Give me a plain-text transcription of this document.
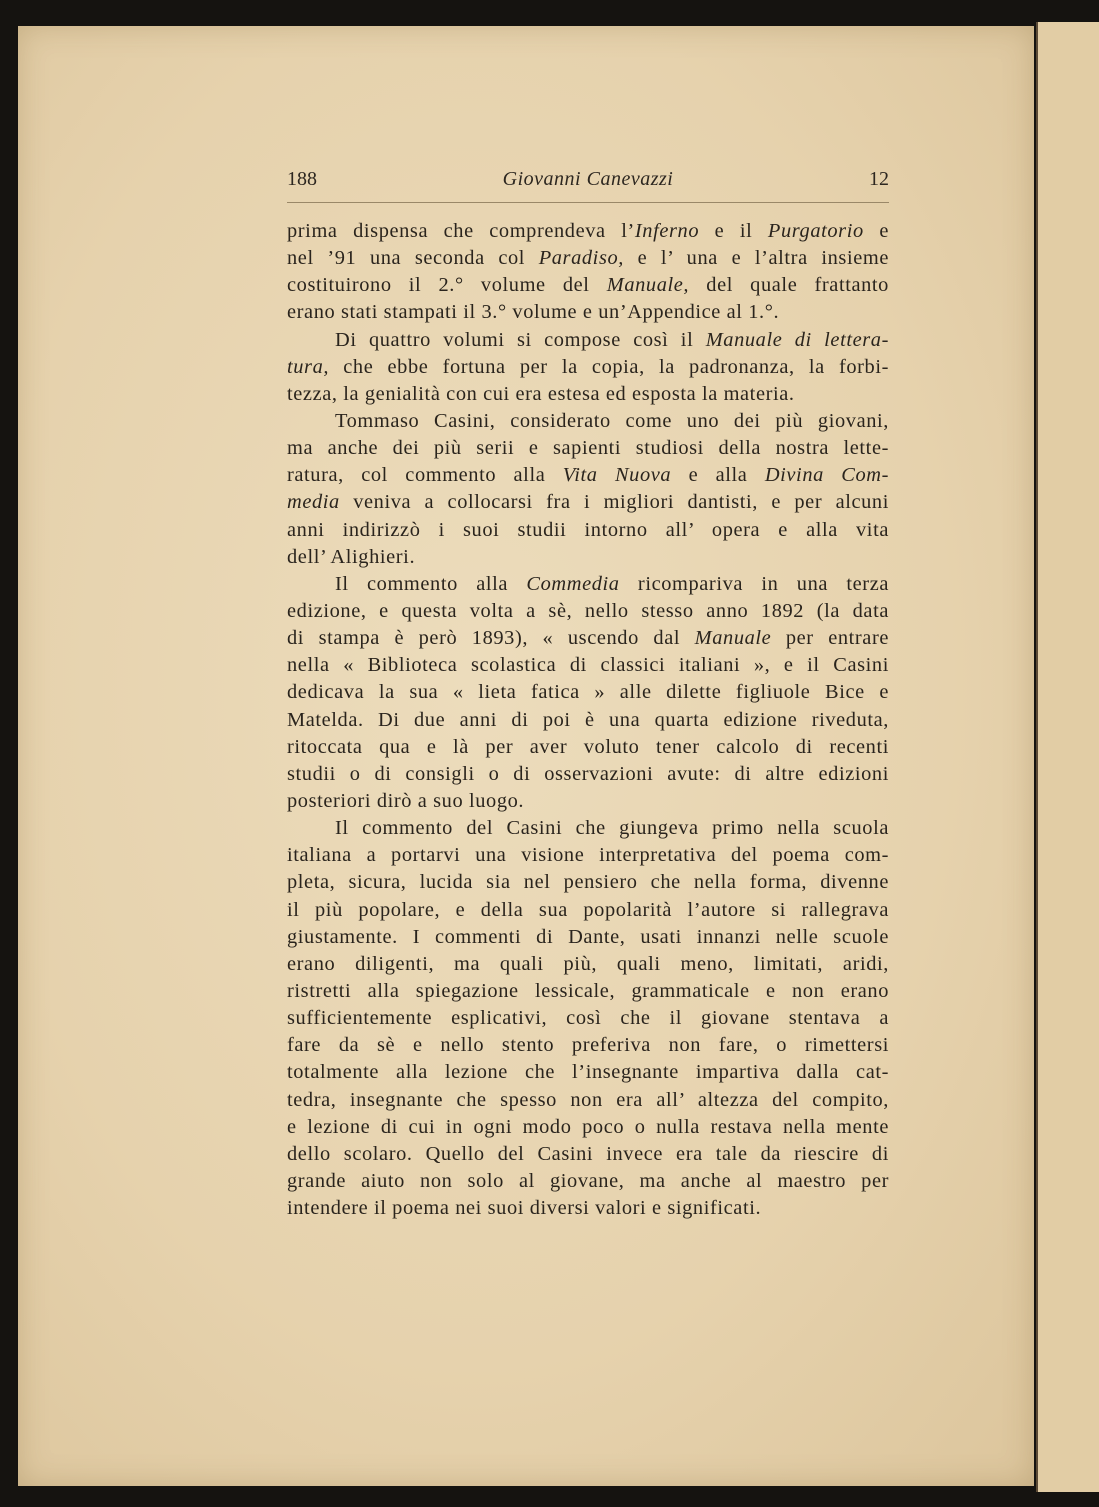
188	Giovanni Canevazzi	12
prima dispensa che comprendeva l’Inferno e il Purgatorio e
nel ’91 una seconda col Paradiso, e l’ una e l’altra insieme
costituirono il 2.° volume del Manuale, del quale frattanto
erano stati stampati il 3.° volume e un’Appendice al 1.°.
Di quattro volumi si compose così il Manuale di lettera-
tura, che ebbe fortuna per la copia, la padronanza, la forbi-
tezza, la genialità con cui era estesa ed esposta la materia.
Tommaso Casini, considerato come uno dei più giovani,
ma anche dei più serii e sapienti studiosi della nostra lette-
ratura, col commento alla Vita Nuova e alla Divina Com-
media veniva a collocarsi fra i migliori dantisti, e per alcuni
anni indirizzò i suoi studii intorno all’ opera e alla vita
dell’ Alighieri.
Il commento alla Commedia ricompariva in una terza
edizione, e questa volta a sè, nello stesso anno 1892 (la data
di stampa è però 1893), « uscendo dal Manuale per entrare
nella « Biblioteca scolastica di classici italiani », e il Casini
dedicava la sua « lieta fatica » alle dilette figliuole Bice e
Matelda. Di due anni di poi è una quarta edizione riveduta,
ritoccata qua e là per aver voluto tener calcolo di recenti
studii o di consigli o di osservazioni avute: di altre edizioni
posteriori dirò a suo luogo.
Il commento del Casini che giungeva primo nella scuola
italiana a portarvi una visione interpretativa del poema com-
pleta, sicura, lucida sia nel pensiero che nella forma, divenne
il più popolare, e della sua popolarità l’autore si rallegrava
giustamente. I commenti di Dante, usati innanzi nelle scuole
erano diligenti, ma quali più, quali meno, limitati, aridi,
ristretti alla spiegazione lessicale, grammaticale e non erano
sufficientemente esplicativi, così che il giovane stentava a
fare da sè e nello stento preferiva non fare, o rimettersi
totalmente alla lezione che l’insegnante impartiva dalla cat-
tedra, insegnante che spesso non era all’ altezza del compito,
e lezione di cui in ogni modo poco o nulla restava nella mente
dello scolaro. Quello del Casini invece era tale da riescire di
grande aiuto non solo al giovane, ma anche al maestro per
intendere il poema nei suoi diversi valori e significati.
